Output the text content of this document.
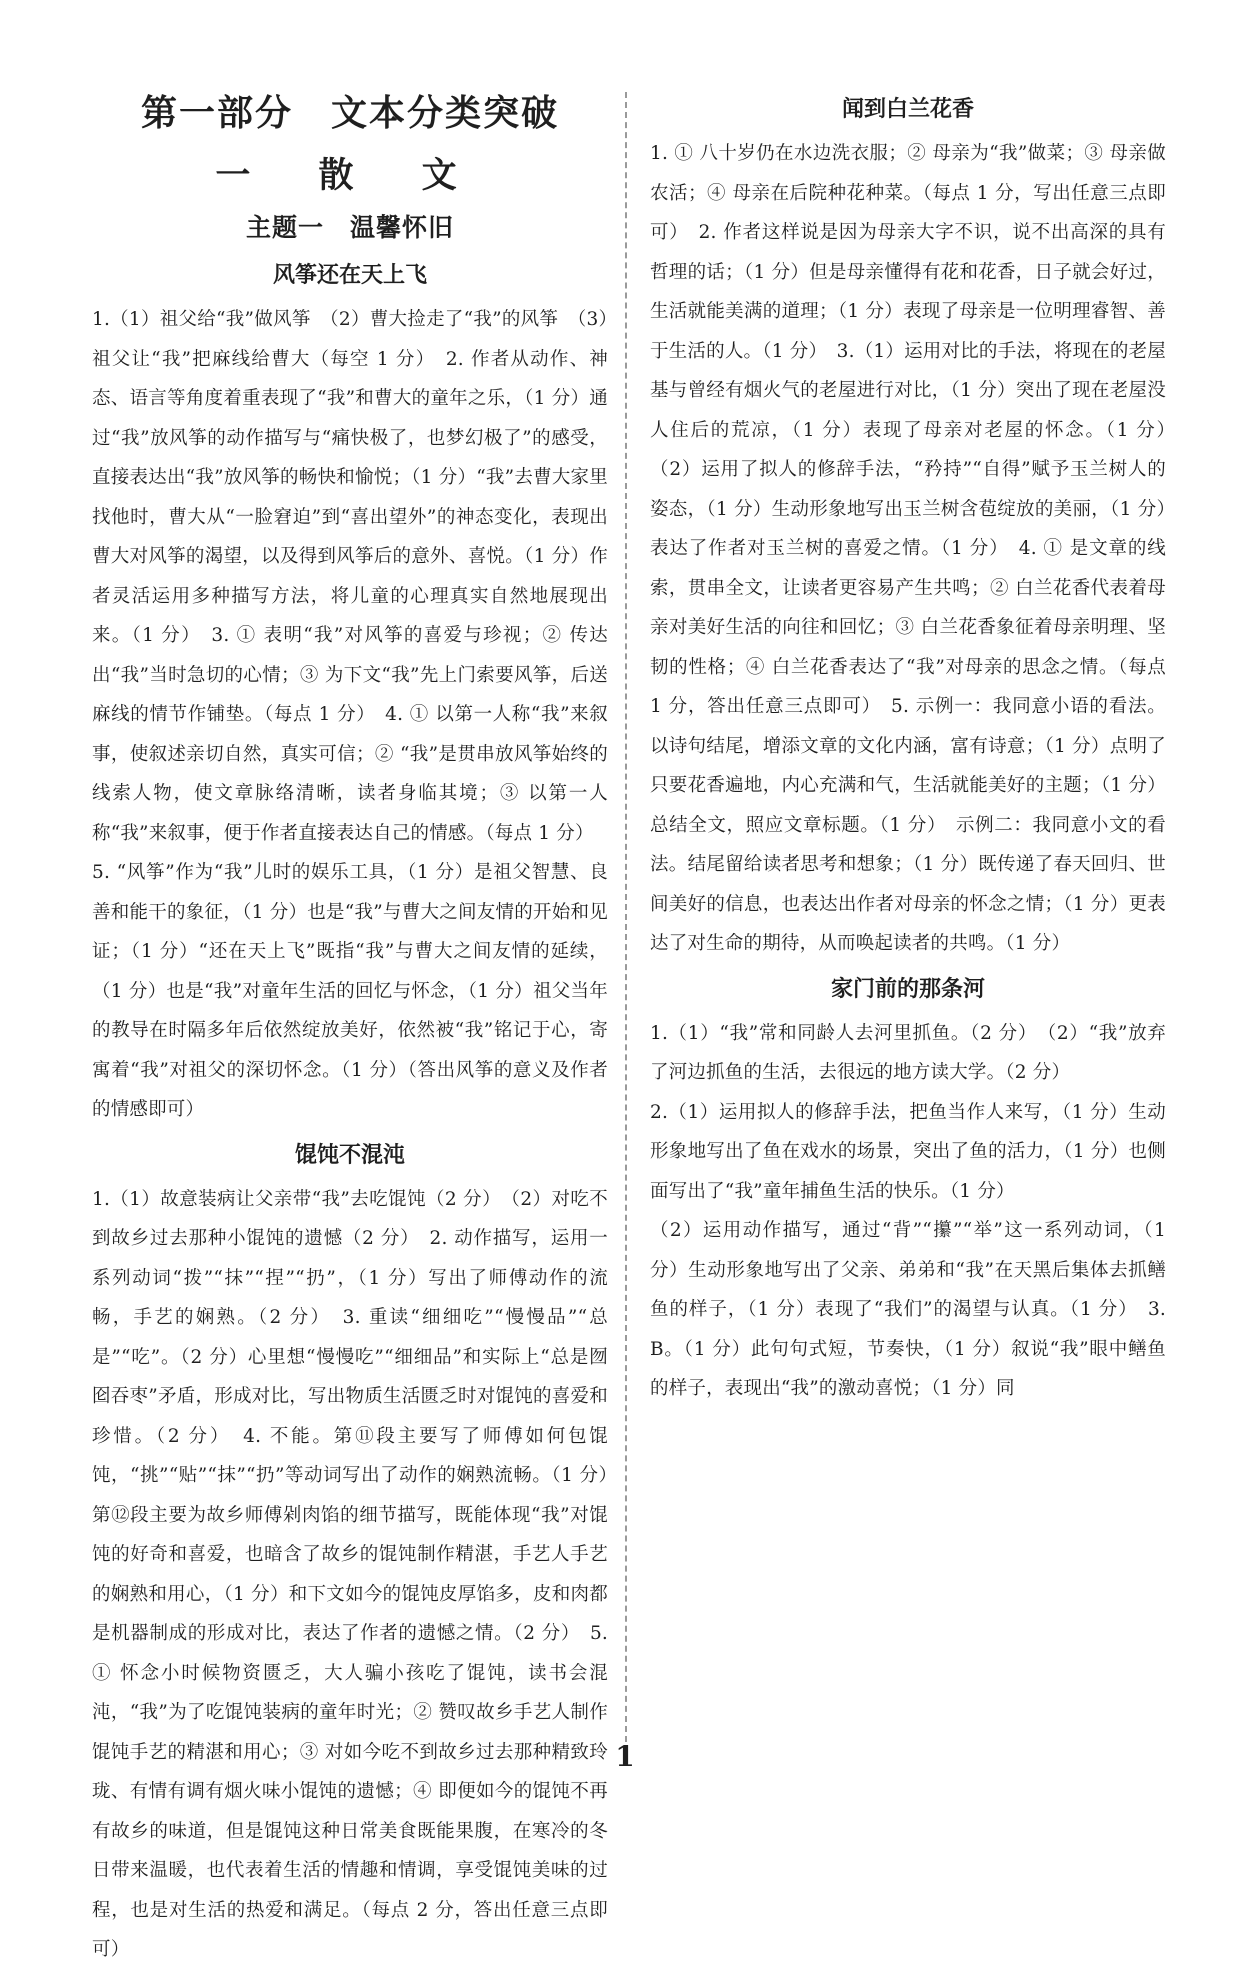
第一部分　文本分类突破
一 散 文
主题一　温馨怀旧
风筝还在天上飞

1.（1）祖父给“我”做风筝　（2）曹大捡走了“我”的风筝　（3）祖父让“我”把麻线给曹大（每空 1 分）　2. 作者从动作、神态、语言等角度着重表现了“我”和曹大的童年之乐，（1 分）通过“我”放风筝的动作描写与“痛快极了，也梦幻极了”的感受，直接表达出“我”放风筝的畅快和愉悦；（1 分）“我”去曹大家里找他时，曹大从“一脸窘迫”到“喜出望外”的神态变化，表现出曹大对风筝的渴望，以及得到风筝后的意外、喜悦。（1 分）作者灵活运用多种描写方法，将儿童的心理真实自然地展现出来。（1 分）　3. ① 表明“我”对风筝的喜爱与珍视；② 传达出“我”当时急切的心情；③ 为下文“我”先上门索要风筝，后送麻线的情节作铺垫。（每点 1 分）　4. ① 以第一人称“我”来叙事，使叙述亲切自然，真实可信；② “我”是贯串放风筝始终的线索人物，使文章脉络清晰，读者身临其境；③ 以第一人称“我”来叙事，便于作者直接表达自己的情感。（每点 1 分）

5. “风筝”作为“我”儿时的娱乐工具，（1 分）是祖父智慧、良善和能干的象征，（1 分）也是“我”与曹大之间友情的开始和见证；（1 分）“还在天上飞”既指“我”与曹大之间友情的延续，（1 分）也是“我”对童年生活的回忆与怀念，（1 分）祖父当年的教导在时隔多年后依然绽放美好，依然被“我”铭记于心，寄寓着“我”对祖父的深切怀念。（1 分）（答出风筝的意义及作者的情感即可）

馄饨不混沌

1.（1）故意装病让父亲带“我”去吃馄饨（2 分）　（2）对吃不到故乡过去那种小馄饨的遗憾（2 分）　2. 动作描写，运用一系列动词“拨”“抹”“捏”“扔”，（1 分）写出了师傅动作的流畅，手艺的娴熟。（2 分）　3. 重读“细细吃”“慢慢品”“总是”“吃”。（2 分）心里想“慢慢吃”“细细品”和实际上“总是囫囵吞枣”矛盾，形成对比，写出物质生活匮乏时对馄饨的喜爱和珍惜。（2 分）　4. 不能。第⑪段主要写了师傅如何包馄饨，“挑”“贴”“抹”“扔”等动词写出了动作的娴熟流畅。（1 分）第⑫段主要为故乡师傅剁肉馅的细节描写，既能体现“我”对馄饨的好奇和喜爱，也暗含了故乡的馄饨制作精湛，手艺人手艺的娴熟和用心，（1 分）和下文如今的馄饨皮厚馅多，皮和肉都是机器制成的形成对比，表达了作者的遗憾之情。（2 分）　5. ① 怀念小时候物资匮乏，大人骗小孩吃了馄饨，读书会混沌，“我”为了吃馄饨装病的童年时光；② 赞叹故乡手艺人制作馄饨手艺的精湛和用心；③ 对如今吃不到故乡过去那种精致玲珑、有情有调有烟火味小馄饨的遗憾；④ 即便如今的馄饨不再有故乡的味道，但是馄饨这种日常美食既能果腹，在寒冷的冬日带来温暖，也代表着生活的情趣和情调，享受馄饨美味的过程，也是对生活的热爱和满足。（每点 2 分，答出任意三点即可）

闻到白兰花香

1. ① 八十岁仍在水边洗衣服；② 母亲为“我”做菜；③ 母亲做农活；④ 母亲在后院种花种菜。（每点 1 分，写出任意三点即可）　2. 作者这样说是因为母亲大字不识，说不出高深的具有哲理的话；（1 分）但是母亲懂得有花和花香，日子就会好过，生活就能美满的道理；（1 分）表现了母亲是一位明理睿智、善于生活的人。（1 分）　3.（1）运用对比的手法，将现在的老屋基与曾经有烟火气的老屋进行对比，（1 分）突出了现在老屋没人住后的荒凉，（1 分）表现了母亲对老屋的怀念。（1 分）　（2）运用了拟人的修辞手法，“矜持”“自得”赋予玉兰树人的姿态，（1 分）生动形象地写出玉兰树含苞绽放的美丽，（1 分）表达了作者对玉兰树的喜爱之情。（1 分）　4. ① 是文章的线索，贯串全文，让读者更容易产生共鸣；② 白兰花香代表着母亲对美好生活的向往和回忆；③ 白兰花香象征着母亲明理、坚韧的性格；④ 白兰花香表达了“我”对母亲的思念之情。（每点 1 分，答出任意三点即可）　5. 示例一：我同意小语的看法。以诗句结尾，增添文章的文化内涵，富有诗意；（1 分）点明了只要花香遍地，内心充满和气，生活就能美好的主题；（1 分）总结全文，照应文章标题。（1 分）　示例二：我同意小文的看法。结尾留给读者思考和想象；（1 分）既传递了春天回归、世间美好的信息，也表达出作者对母亲的怀念之情；（1 分）更表达了对生命的期待，从而唤起读者的共鸣。（1 分）

家门前的那条河

1.（1）“我”常和同龄人去河里抓鱼。（2 分）　（2）“我”放弃了河边抓鱼的生活，去很远的地方读大学。（2 分）

2.（1）运用拟人的修辞手法，把鱼当作人来写，（1 分）生动形象地写出了鱼在戏水的场景，突出了鱼的活力，（1 分）也侧面写出了“我”童年捕鱼生活的快乐。（1 分）

（2）运用动作描写，通过“背”“攥”“举”这一系列动词，（1 分）生动形象地写出了父亲、弟弟和“我”在天黑后集体去抓鳝鱼的样子，（1 分）表现了“我们”的渴望与认真。（1 分）　3. B。（1 分）此句句式短，节奏快，（1 分）叙说“我”眼中鳝鱼的样子，表现出“我”的激动喜悦；（1 分）同

1
